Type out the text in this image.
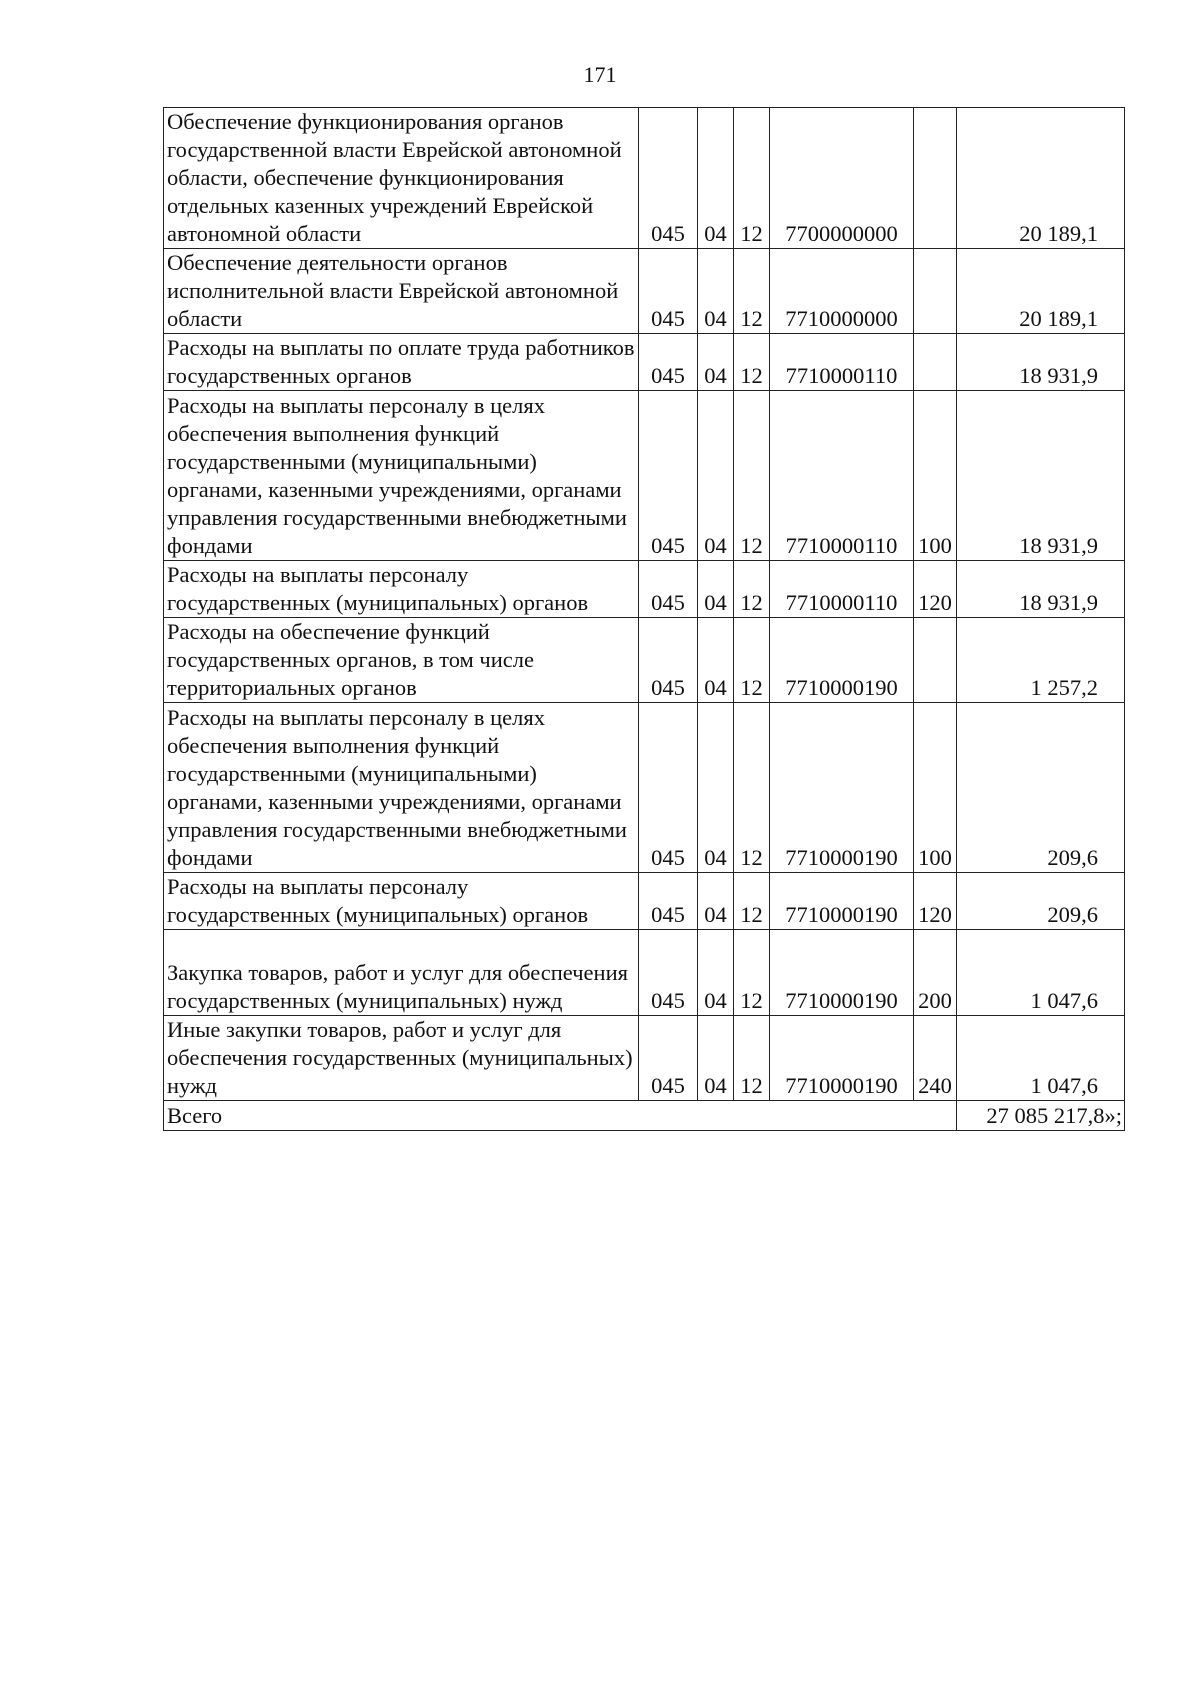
171
Обеспечение функционирования органов государственной власти Еврейской автономной области, обеспечение функционирования отдельных казенных учреждений Еврейской автономной области	045	04	12	7700000000		20 189,1
Обеспечение деятельности органов исполнительной власти Еврейской автономной области	045	04	12	7710000000		20 189,1
Расходы на выплаты по оплате труда работников государственных органов	045	04	12	7710000110		18 931,9
Расходы на выплаты персоналу в целях обеспечения выполнения функций государственными (муниципальными) органами, казенными учреждениями, органами управления государственными внебюджетными фондами	045	04	12	7710000110	100	18 931,9
Расходы на выплаты персоналу государственных (муниципальных) органов	045	04	12	7710000110	120	18 931,9
Расходы на обеспечение функций государственных органов, в том числе территориальных органов	045	04	12	7710000190		1 257,2
Расходы на выплаты персоналу в целях обеспечения выполнения функций государственными (муниципальными) органами, казенными учреждениями, органами управления государственными внебюджетными фондами	045	04	12	7710000190	100	209,6
Расходы на выплаты персоналу государственных (муниципальных) органов	045	04	12	7710000190	120	209,6
Закупка товаров, работ и услуг для обеспечения государственных (муниципальных) нужд	045	04	12	7710000190	200	1 047,6
Иные закупки товаров, работ и услуг для обеспечения государственных (муниципальных) нужд	045	04	12	7710000190	240	1 047,6
Всего						27 085 217,8»;
